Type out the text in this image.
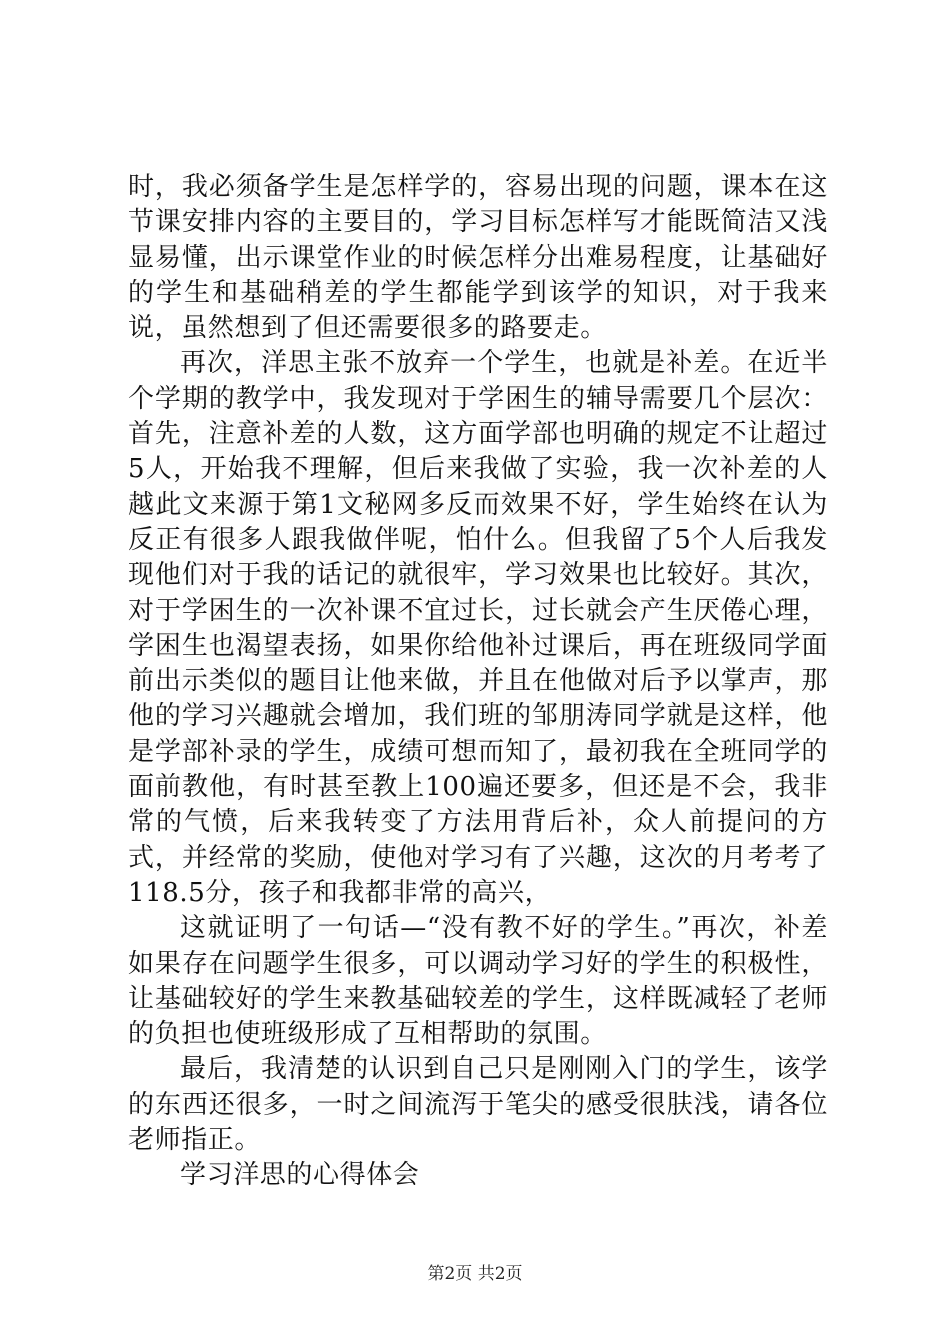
时，我必须备学生是怎样学的，容易出现的问题，课本在这节课安排内容的主要目的，学习目标怎样写才能既简洁又浅显易懂，出示课堂作业的时候怎样分出难易程度，让基础好的学生和基础稍差的学生都能学到该学的知识，对于我来说，虽然想到了但还需要很多的路要走。

再次，洋思主张不放弃一个学生，也就是补差。在近半个学期的教学中，我发现对于学困生的辅导需要几个层次：首先，注意补差的人数，这方面学部也明确的规定不让超过5人，开始我不理解，但后来我做了实验，我一次补差的人越此文来源于第1文秘网多反而效果不好，学生始终在认为反正有很多人跟我做伴呢，怕什么。但我留了5个人后我发现他们对于我的话记的就很牢，学习效果也比较好。其次，对于学困生的一次补课不宜过长，过长就会产生厌倦心理，学困生也渴望表扬，如果你给他补过课后，再在班级同学面前出示类似的题目让他来做，并且在他做对后予以掌声，那他的学习兴趣就会增加，我们班的邹朋涛同学就是这样，他是学部补录的学生，成绩可想而知了，最初我在全班同学的面前教他，有时甚至教上100遍还要多，但还是不会，我非常的气愤，后来我转变了方法用背后补，众人前提问的方式，并经常的奖励，使他对学习有了兴趣，这次的月考考了118.5分，孩子和我都非常的高兴，

这就证明了一句话—“没有教不好的学生。”再次，补差如果存在问题学生很多，可以调动学习好的学生的积极性，让基础较好的学生来教基础较差的学生，这样既减轻了老师的负担也使班级形成了互相帮助的氛围。

最后，我清楚的认识到自己只是刚刚入门的学生，该学的东西还很多，一时之间流泻于笔尖的感受很肤浅，请各位老师指正。

学习洋思的心得体会

第2页 共2页
